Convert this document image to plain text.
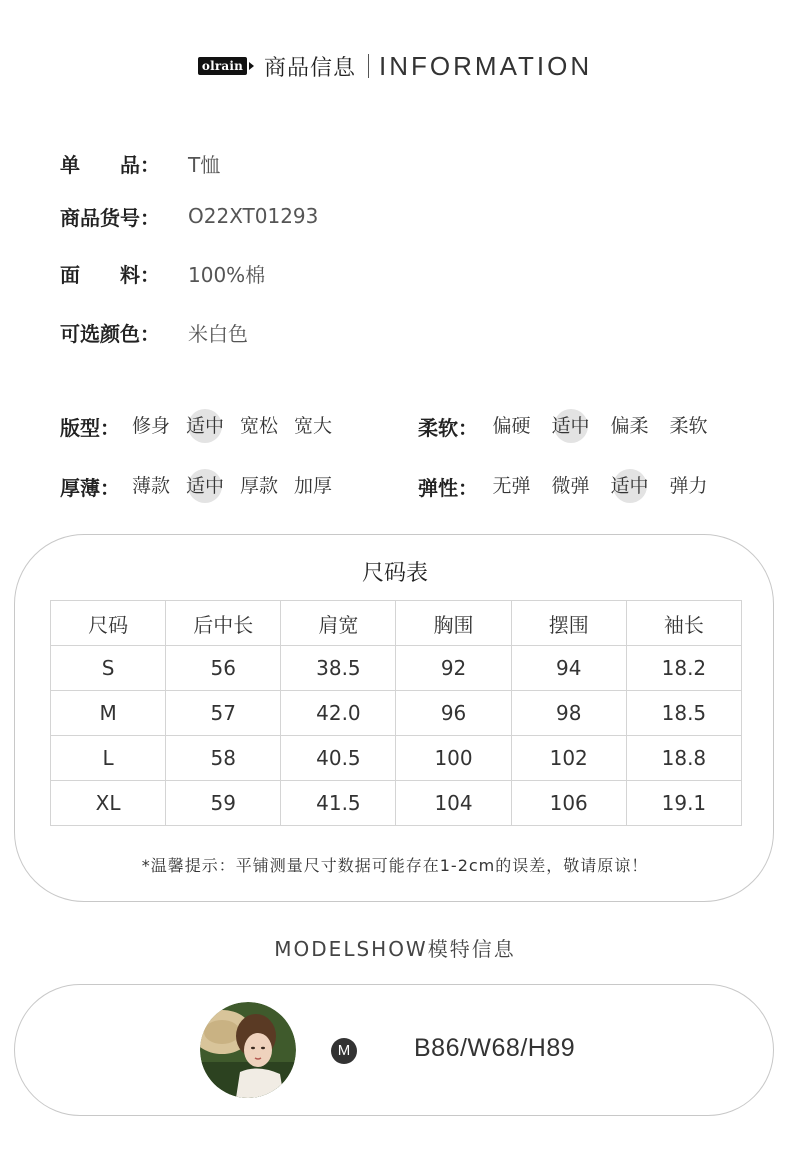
olrain 商品信息 INFORMATION
单　　品：	T恤
商品货号：	O22XT01293
面　　料：	100%棉
可选颜色：	米白色
版型： 修身 适中 宽松 宽大	柔软： 偏硬	适中	偏柔	柔软
厚薄： 薄款 适中 厚款 加厚	弹性： 无弹	微弹	适中	弹力
尺码表
尺码	后中长	肩宽	胸围	摆围	袖长
S	56	38.5	92	94	18.2
M	57	42.0	96	98	18.5
L	58	40.5	100	102	18.8
XL	59	41.5	104	106	19.1
*温馨提示：平铺测量尺寸数据可能存在1-2cm的误差，敬请原谅！
MODELSHOW模特信息
M	B86/W68/H89
